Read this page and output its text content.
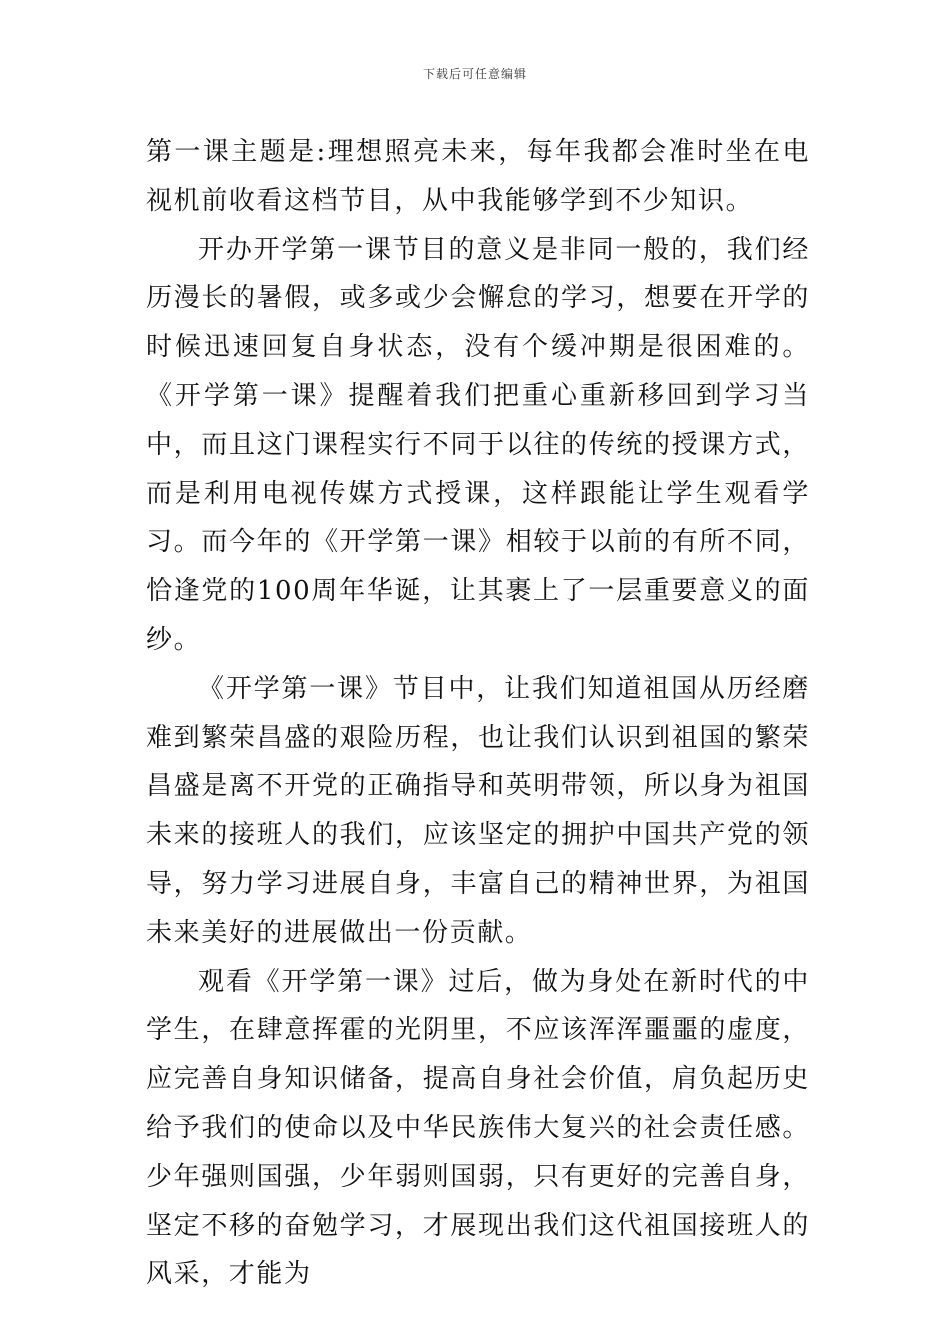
下载后可任意编辑

第一课主题是:理想照亮未来，每年我都会准时坐在电视机前收看这档节目，从中我能够学到不少知识。

开办开学第一课节目的意义是非同一般的，我们经历漫长的暑假，或多或少会懈怠的学习，想要在开学的时候迅速回复自身状态，没有个缓冲期是很困难的。《开学第一课》提醒着我们把重心重新移回到学习当中，而且这门课程实行不同于以往的传统的授课方式，而是利用电视传媒方式授课，这样跟能让学生观看学习。而今年的《开学第一课》相较于以前的有所不同，恰逢党的100周年华诞，让其裹上了一层重要意义的面纱。

《开学第一课》节目中，让我们知道祖国从历经磨难到繁荣昌盛的艰险历程，也让我们认识到祖国的繁荣昌盛是离不开党的正确指导和英明带领，所以身为祖国未来的接班人的我们，应该坚定的拥护中国共产党的领导，努力学习进展自身，丰富自己的精神世界，为祖国未来美好的进展做出一份贡献。

观看《开学第一课》过后，做为身处在新时代的中学生，在肆意挥霍的光阴里，不应该浑浑噩噩的虚度，应完善自身知识储备，提高自身社会价值，肩负起历史给予我们的使命以及中华民族伟大复兴的社会责任感。少年强则国强，少年弱则国弱，只有更好的完善自身，坚定不移的奋勉学习，才展现出我们这代祖国接班人的风采，才能为
